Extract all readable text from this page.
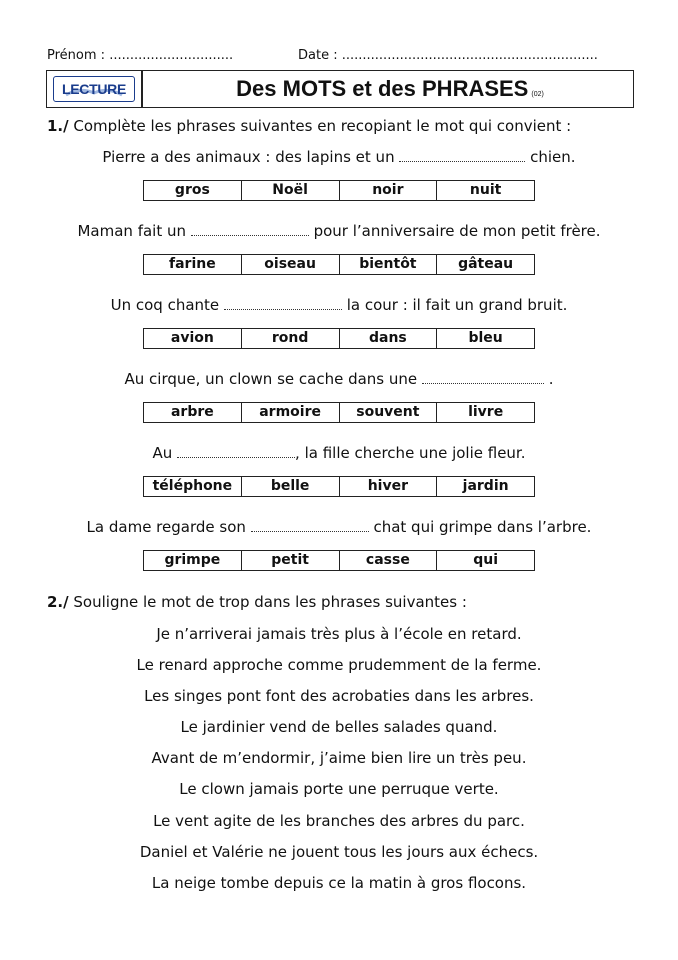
Prénom : ..............................	Date : ..............................................................
LECTURE	Des MOTS et des PHRASES (02)
1./ Complète les phrases suivantes en recopiant le mot qui convient :
Pierre a des animaux : des lapins et un	chien.
gros	Noël	noir	nuit
Maman fait un	pour l’anniversaire de mon petit frère.
farine	oiseau	bientôt	gâteau
Un coq chante	la cour : il fait un grand bruit.
avion	rond	dans	bleu
Au cirque, un clown se cache dans une	.
arbre	armoire	souvent	livre
Au	, la fille cherche une jolie fleur.
téléphone	belle	hiver	jardin
La dame regarde son	chat qui grimpe dans l’arbre.
grimpe	petit	casse	qui
2./ Souligne le mot de trop dans les phrases suivantes :
Je n’arriverai jamais très plus à l’école en retard.
Le renard approche comme prudemment de la ferme.
Les singes pont font des acrobaties dans les arbres.
Le jardinier vend de belles salades quand.
Avant de m’endormir, j’aime bien lire un très peu.
Le clown jamais porte une perruque verte.
Le vent agite de les branches des arbres du parc.
Daniel et Valérie ne jouent tous les jours aux échecs.
La neige tombe depuis ce la matin à gros flocons.
